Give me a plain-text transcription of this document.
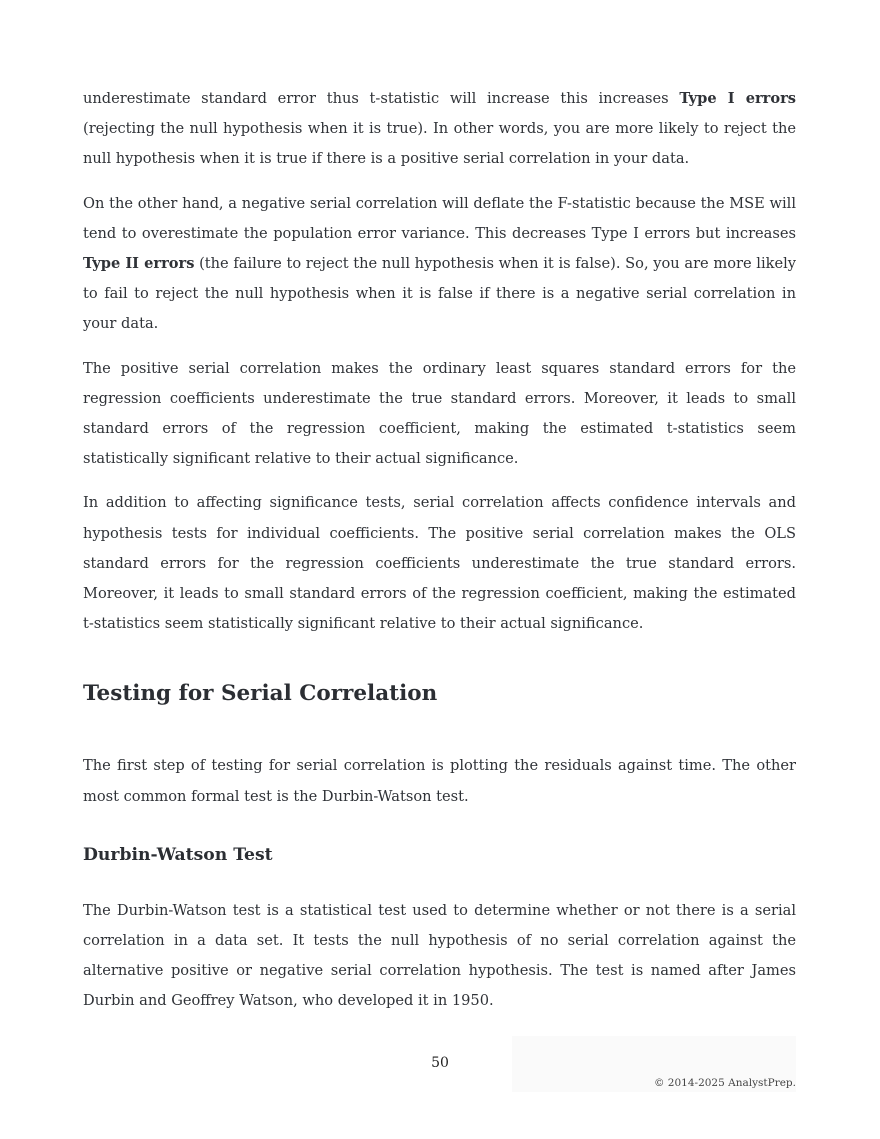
underestimate standard error thus t-statistic will increase this increases Type I errors (rejecting the null hypothesis when it is true). In other words, you are more likely to reject the null hypothesis when it is true if there is a positive serial correlation in your data.

On the other hand, a negative serial correlation will deflate the F-statistic because the MSE will tend to overestimate the population error variance. This decreases Type I errors but increases Type II errors (the failure to reject the null hypothesis when it is false). So, you are more likely to fail to reject the null hypothesis when it is false if there is a negative serial correlation in your data.

The positive serial correlation makes the ordinary least squares standard errors for the regression coefficients underestimate the true standard errors. Moreover, it leads to small standard errors of the regression coefficient, making the estimated t-statistics seem statistically significant relative to their actual significance.

In addition to affecting significance tests, serial correlation affects confidence intervals and hypothesis tests for individual coefficients. The positive serial correlation makes the OLS standard errors for the regression coefficients underestimate the true standard errors. Moreover, it leads to small standard errors of the regression coefficient, making the estimated t-statistics seem statistically significant relative to their actual significance.

Testing for Serial Correlation

The first step of testing for serial correlation is plotting the residuals against time. The other most common formal test is the Durbin-Watson test.

Durbin-Watson Test

The Durbin-Watson test is a statistical test used to determine whether or not there is a serial correlation in a data set. It tests the null hypothesis of no serial correlation against the alternative positive or negative serial correlation hypothesis. The test is named after James Durbin and Geoffrey Watson, who developed it in 1950.

50
© 2014-2025 AnalystPrep.
